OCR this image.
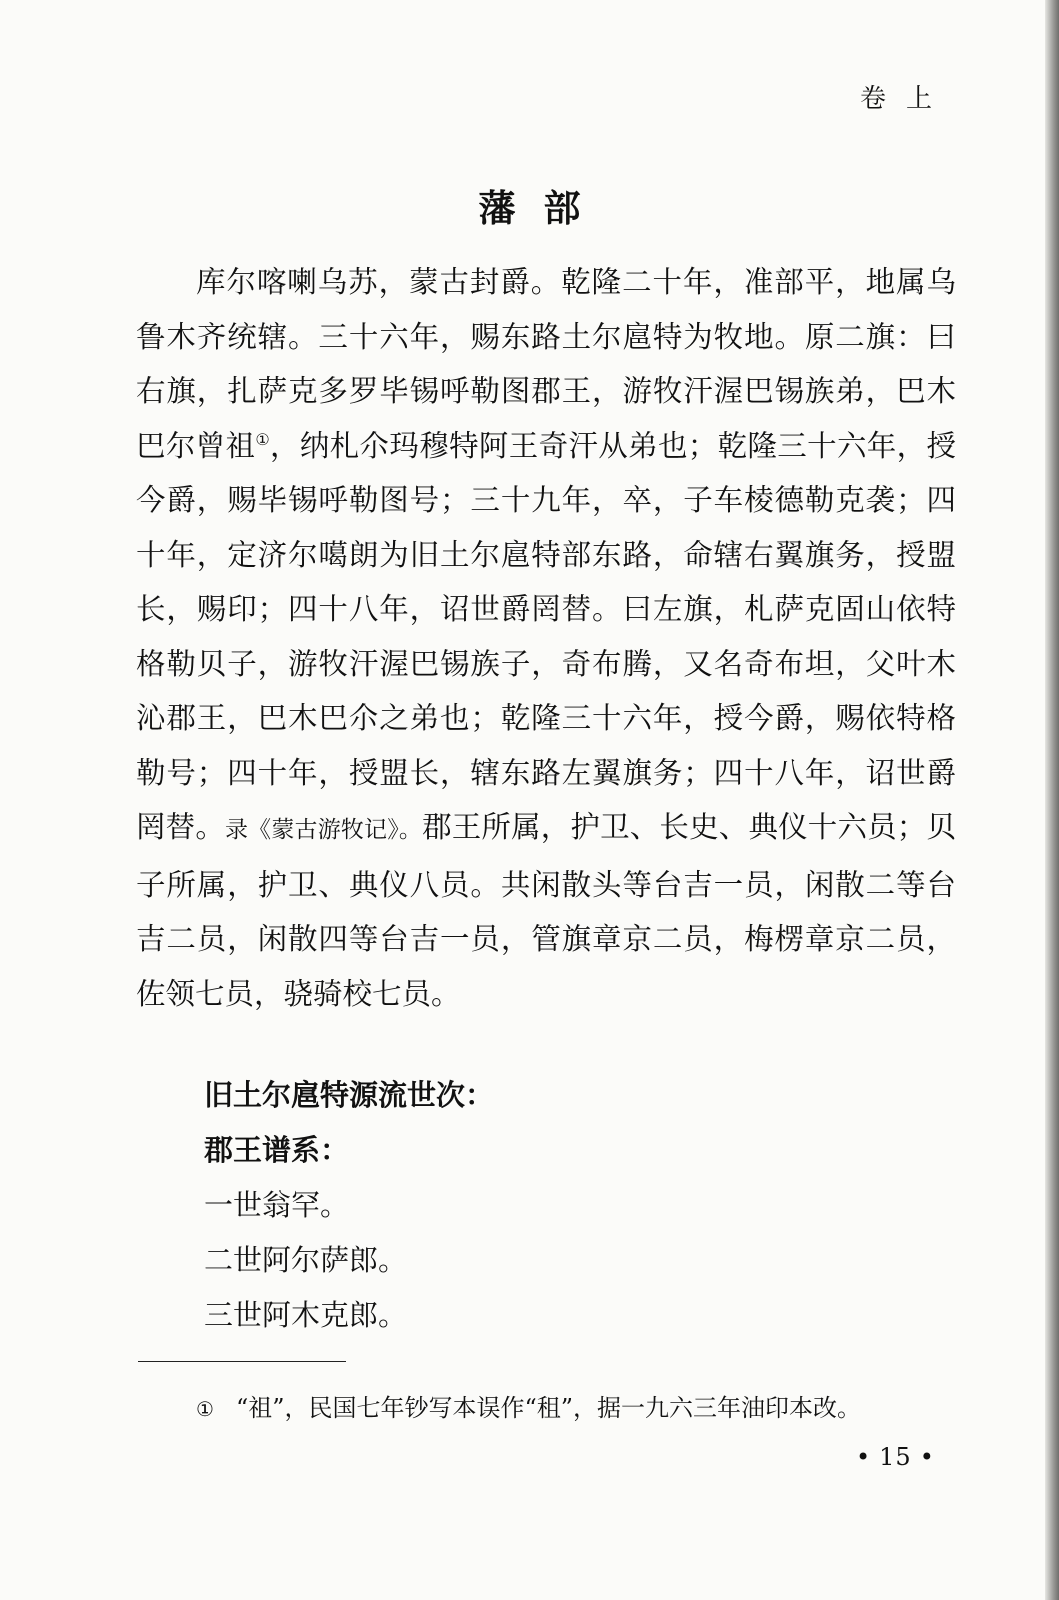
卷上
藩部

库尔喀喇乌苏，蒙古封爵。乾隆二十年，准部平，地属乌鲁木齐统辖。三十六年，赐东路土尔扈特为牧地。原二旗：曰右旗，扎萨克多罗毕锡呼勒图郡王，游牧汗渥巴锡族弟，巴木巴尔曾祖①，纳札尒玛穆特阿王奇汗从弟也；乾隆三十六年，授今爵，赐毕锡呼勒图号；三十九年，卒，子车棱德勒克袭；四十年，定济尔噶朗为旧土尔扈特部东路，命辖右翼旗务，授盟长，赐印；四十八年，诏世爵罔替。曰左旗，札萨克固山依特格勒贝子，游牧汗渥巴锡族子，奇布腾，又名奇布坦，父叶木沁郡王，巴木巴尒之弟也；乾隆三十六年，授今爵，赐依特格勒号；四十年，授盟长，辖东路左翼旗务；四十八年，诏世爵罔替。录《蒙古游牧记》。郡王所属，护卫、长史、典仪十六员；贝子所属，护卫、典仪八员。共闲散头等台吉一员，闲散二等台吉二员，闲散四等台吉一员，管旗章京二员，梅楞章京二员，佐领七员，骁骑校七员。

旧土尔扈特源流世次：
郡王谱系：
一世翁罕。
二世阿尔萨郎。
三世阿木克郎。
① “祖”，民国七年钞写本误作“租”，据一九六三年油印本改。
• 15 •
